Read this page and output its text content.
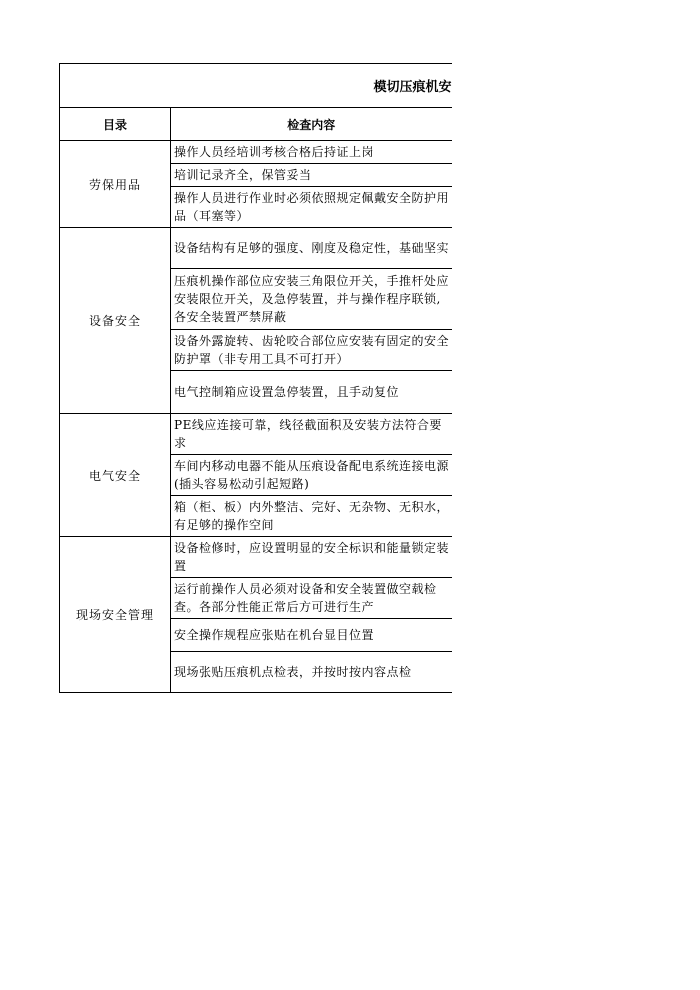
模切压痕机安	
目录	检查内容
劳保用品	操作人员经培训考核合格后持证上岗
	培训记录齐全，保管妥当
	操作人员进行作业时必须依照规定佩戴安全防护用品（耳塞等）
设备安全	设备结构有足够的强度、刚度及稳定性，基础坚实
	压痕机操作部位应安装三角限位开关，手推杆处应安装限位开关，及急停装置，并与操作程序联锁,各安全装置严禁屏蔽
	设备外露旋转、齿轮咬合部位应安装有固定的安全防护罩（非专用工具不可打开）
	电气控制箱应设置急停装置，且手动复位
电气安全	PE线应连接可靠，线径截面积及安装方法符合要求
	车间内移动电器不能从压痕设备配电系统连接电源(插头容易松动引起短路)
	箱（柜、板）内外整洁、完好、无杂物、无积水，有足够的操作空间
现场安全管理	设备检修时，应设置明显的安全标识和能量锁定装置
	运行前操作人员必须对设备和安全装置做空载检查。各部分性能正常后方可进行生产
	安全操作规程应张贴在机台显目位置
	现场张贴压痕机点检表，并按时按内容点检
